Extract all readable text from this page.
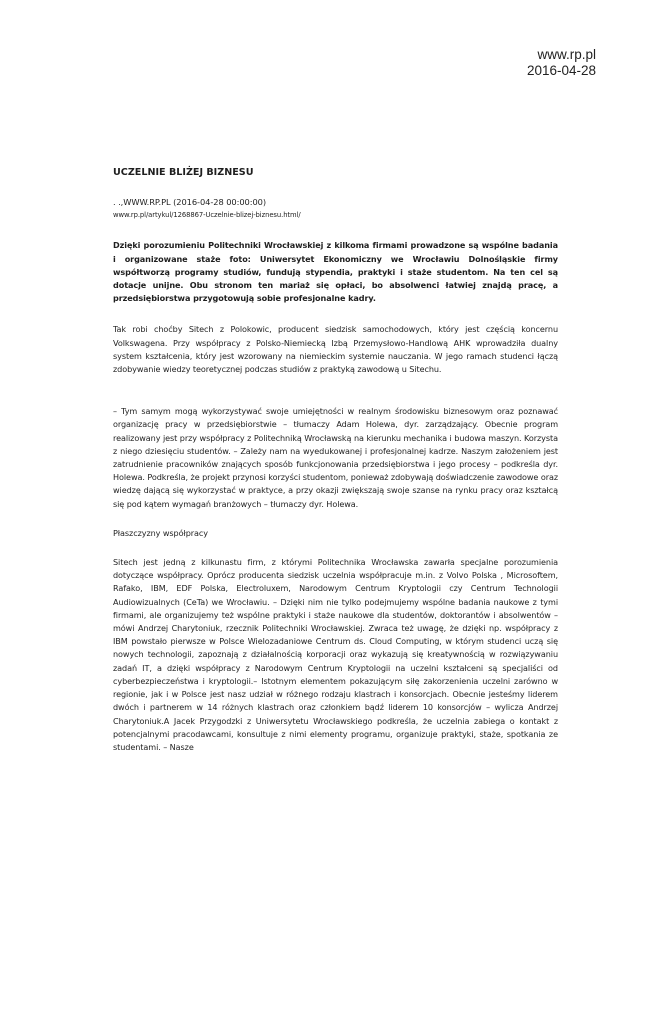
www.rp.pl
2016-04-28

UCZELNIE BLIŻEJ BIZNESU

. .,WWW.RP.PL (2016-04-28 00:00:00)

www.rp.pl/artykul/1268867-Uczelnie-blizej-biznesu.html/

Dzięki porozumieniu Politechniki Wrocławskiej z kilkoma firmami prowadzone są wspólne badania i organizowane staże foto: Uniwersytet Ekonomiczny we Wrocławiu Dolnośląskie firmy współtworzą programy studiów, fundują stypendia, praktyki i staże studentom. Na ten cel są dotacje unijne. Obu stronom ten mariaż się opłaci, bo absolwenci łatwiej znajdą pracę, a przedsiębiorstwa przygotowują sobie profesjonalne kadry.

Tak robi choćby Sitech z Polokowic, producent siedzisk samochodowych, który jest częścią koncernu Volkswagena. Przy współpracy z Polsko-Niemiecką Izbą Przemysłowo-Handlową AHK wprowadziła dualny system kształcenia, który jest wzorowany na niemieckim systemie nauczania. W jego ramach studenci łączą zdobywanie wiedzy teoretycznej podczas studiów z praktyką zawodową u Sitechu.

– Tym samym mogą wykorzystywać swoje umiejętności w realnym środowisku biznesowym oraz poznawać organizację pracy w przedsiębiorstwie – tłumaczy Adam Holewa, dyr. zarządzający. Obecnie program realizowany jest przy współpracy z Politechniką Wrocławską na kierunku mechanika i budowa maszyn. Korzysta z niego dziesięciu studentów. – Zależy nam na wyedukowanej i profesjonalnej kadrze. Naszym założeniem jest zatrudnienie pracowników znających sposób funkcjonowania przedsiębiorstwa i jego procesy – podkreśla dyr. Holewa. Podkreśla, że projekt przynosi korzyści studentom, ponieważ zdobywają doświadczenie zawodowe oraz wiedzę dającą się wykorzystać w praktyce, a przy okazji zwiększają swoje szanse na rynku pracy oraz kształcą się pod kątem wymagań branżowych – tłumaczy dyr. Holewa.

Płaszczyzny współpracy

Sitech jest jedną z kilkunastu firm, z którymi Politechnika Wrocławska zawarła specjalne porozumienia dotyczące współpracy. Oprócz producenta siedzisk uczelnia współpracuje m.in. z Volvo Polska , Microsoftem, Rafako, IBM, EDF Polska, Electroluxem, Narodowym Centrum Kryptologii czy Centrum Technologii Audiowizualnych (CeTa) we Wrocławiu. – Dzięki nim nie tylko podejmujemy wspólne badania naukowe z tymi firmami, ale organizujemy też wspólne praktyki i staże naukowe dla studentów, doktorantów i absolwentów – mówi Andrzej Charytoniuk, rzecznik Politechniki Wrocławskiej. Zwraca też uwagę, że dzięki np. współpracy z IBM powstało pierwsze w Polsce Wielozadaniowe Centrum ds. Cloud Computing, w którym studenci uczą się nowych technologii, zapoznają z działalnością korporacji oraz wykazują się kreatywnością w rozwiązywaniu zadań IT, a dzięki współpracy z Narodowym Centrum Kryptologii na uczelni kształceni są specjaliści od cyberbezpieczeństwa i kryptologii.– Istotnym elementem pokazującym siłę zakorzenienia uczelni zarówno w regionie, jak i w Polsce jest nasz udział w różnego rodzaju klastrach i konsorcjach. Obecnie jesteśmy liderem dwóch i partnerem w 14 różnych klastrach oraz członkiem bądź liderem 10 konsorcjów – wylicza Andrzej Charytoniuk.A Jacek Przygodzki z Uniwersytetu Wrocławskiego podkreśla, że uczelnia zabiega o kontakt z potencjalnymi pracodawcami, konsultuje z nimi elementy programu, organizuje praktyki, staże, spotkania ze studentami. – Nasze
